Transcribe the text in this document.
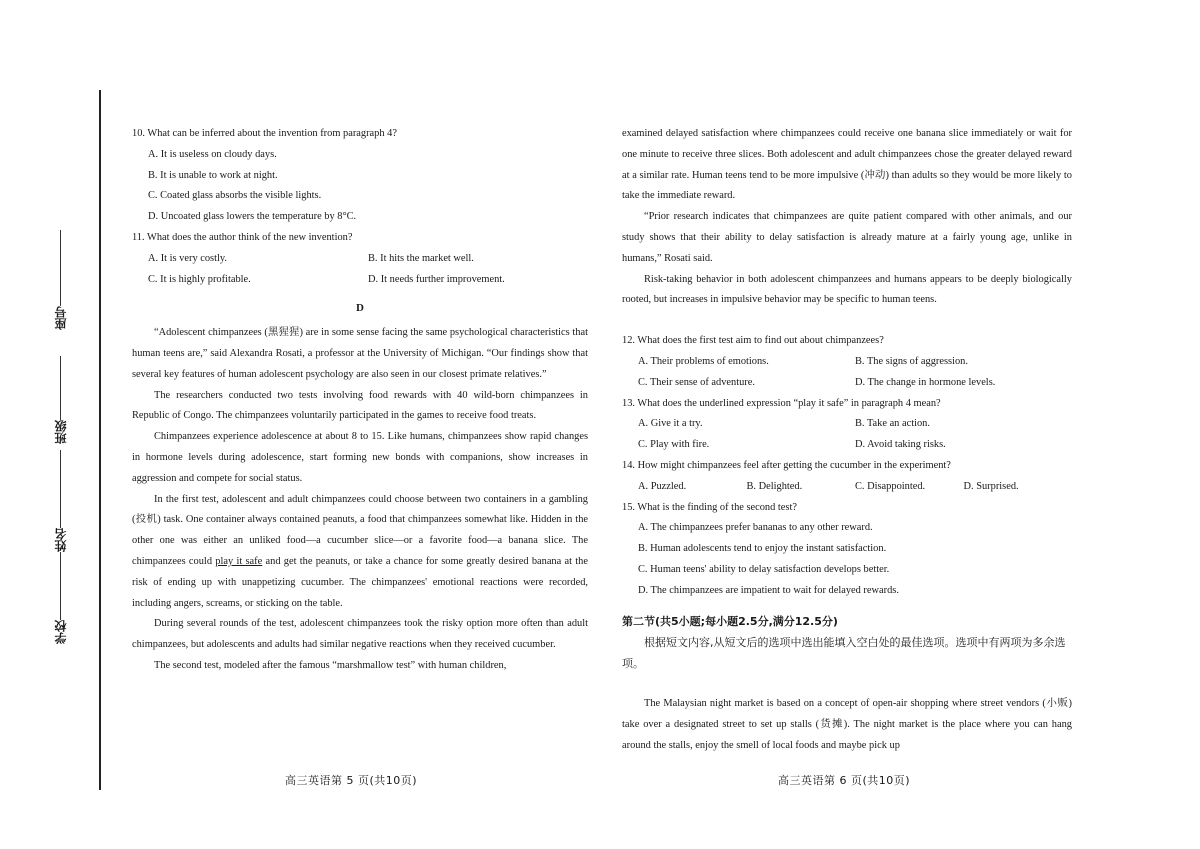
学校
姓名
班级
座号

10. What can be inferred about the invention from paragraph 4?

A. It is useless on cloudy days.

B. It is unable to work at night.

C. Coated glass absorbs the visible lights.

D. Uncoated glass lowers the temperature by 8°C.

11. What does the author think of the new invention?

A. It is very costly.	B. It hits the market well.
C. It is highly profitable.	D. It needs further improvement.

D

“Adolescent chimpanzees (黑猩猩) are in some sense facing the same psychological characteristics that human teens are,” said Alexandra Rosati, a professor at the University of Michigan. “Our findings show that several key features of human adolescent psychology are also seen in our closest primate relatives.”

The researchers conducted two tests involving food rewards with 40 wild-born chimpanzees in Republic of Congo. The chimpanzees voluntarily participated in the games to receive food treats.

Chimpanzees experience adolescence at about 8 to 15. Like humans, chimpanzees show rapid changes in hormone levels during adolescence, start forming new bonds with companions, show increases in aggression and compete for social status.

In the first test, adolescent and adult chimpanzees could choose between two containers in a gambling (投机) task. One container always contained peanuts, a food that chimpanzees somewhat like. Hidden in the other one was either an unliked food—a cucumber slice—or a favorite food—a banana slice. The chimpanzees could play it safe and get the peanuts, or take a chance for some greatly desired banana at the risk of ending up with unappetizing cucumber. The chimpanzees' emotional reactions were recorded, including angers, screams, or sticking on the table.

During several rounds of the test, adolescent chimpanzees took the risky option more often than adult chimpanzees, but adolescents and adults had similar negative reactions when they received cucumber.

The second test, modeled after the famous “marshmallow test” with human children,

examined delayed satisfaction where chimpanzees could receive one banana slice immediately or wait for one minute to receive three slices. Both adolescent and adult chimpanzees chose the greater delayed reward at a similar rate. Human teens tend to be more impulsive (冲动) than adults so they would be more likely to take the immediate reward.

“Prior research indicates that chimpanzees are quite patient compared with other animals, and our study shows that their ability to delay satisfaction is already mature at a fairly young age, unlike in humans,” Rosati said.

Risk-taking behavior in both adolescent chimpanzees and humans appears to be deeply biologically rooted, but increases in impulsive behavior may be specific to human teens.

12. What does the first test aim to find out about chimpanzees?

A. Their problems of emotions.	B. The signs of aggression.
C. Their sense of adventure.	D. The change in hormone levels.

13. What does the underlined expression “play it safe” in paragraph 4 mean?

A. Give it a try.	B. Take an action.
C. Play with fire.	D. Avoid taking risks.

14. How might chimpanzees feel after getting the cucumber in the experiment?

A. Puzzled.	B. Delighted.	C. Disappointed.	D. Surprised.

15. What is the finding of the second test?

A. The chimpanzees prefer bananas to any other reward.

B. Human adolescents tend to enjoy the instant satisfaction.

C. Human teens' ability to delay satisfaction develops better.

D. The chimpanzees are impatient to wait for delayed rewards.

第二节(共5小题;每小题2.5分,满分12.5分)

根据短文内容,从短文后的选项中选出能填入空白处的最佳选项。选项中有两项为多余选项。

The Malaysian night market is based on a concept of open-air shopping where street vendors (小贩) take over a designated street to set up stalls (货摊). The night market is the place where you can hang around the stalls, enjoy the smell of local foods and maybe pick up

高三英语第 5 页(共10页)	高三英语第 6 页(共10页)
